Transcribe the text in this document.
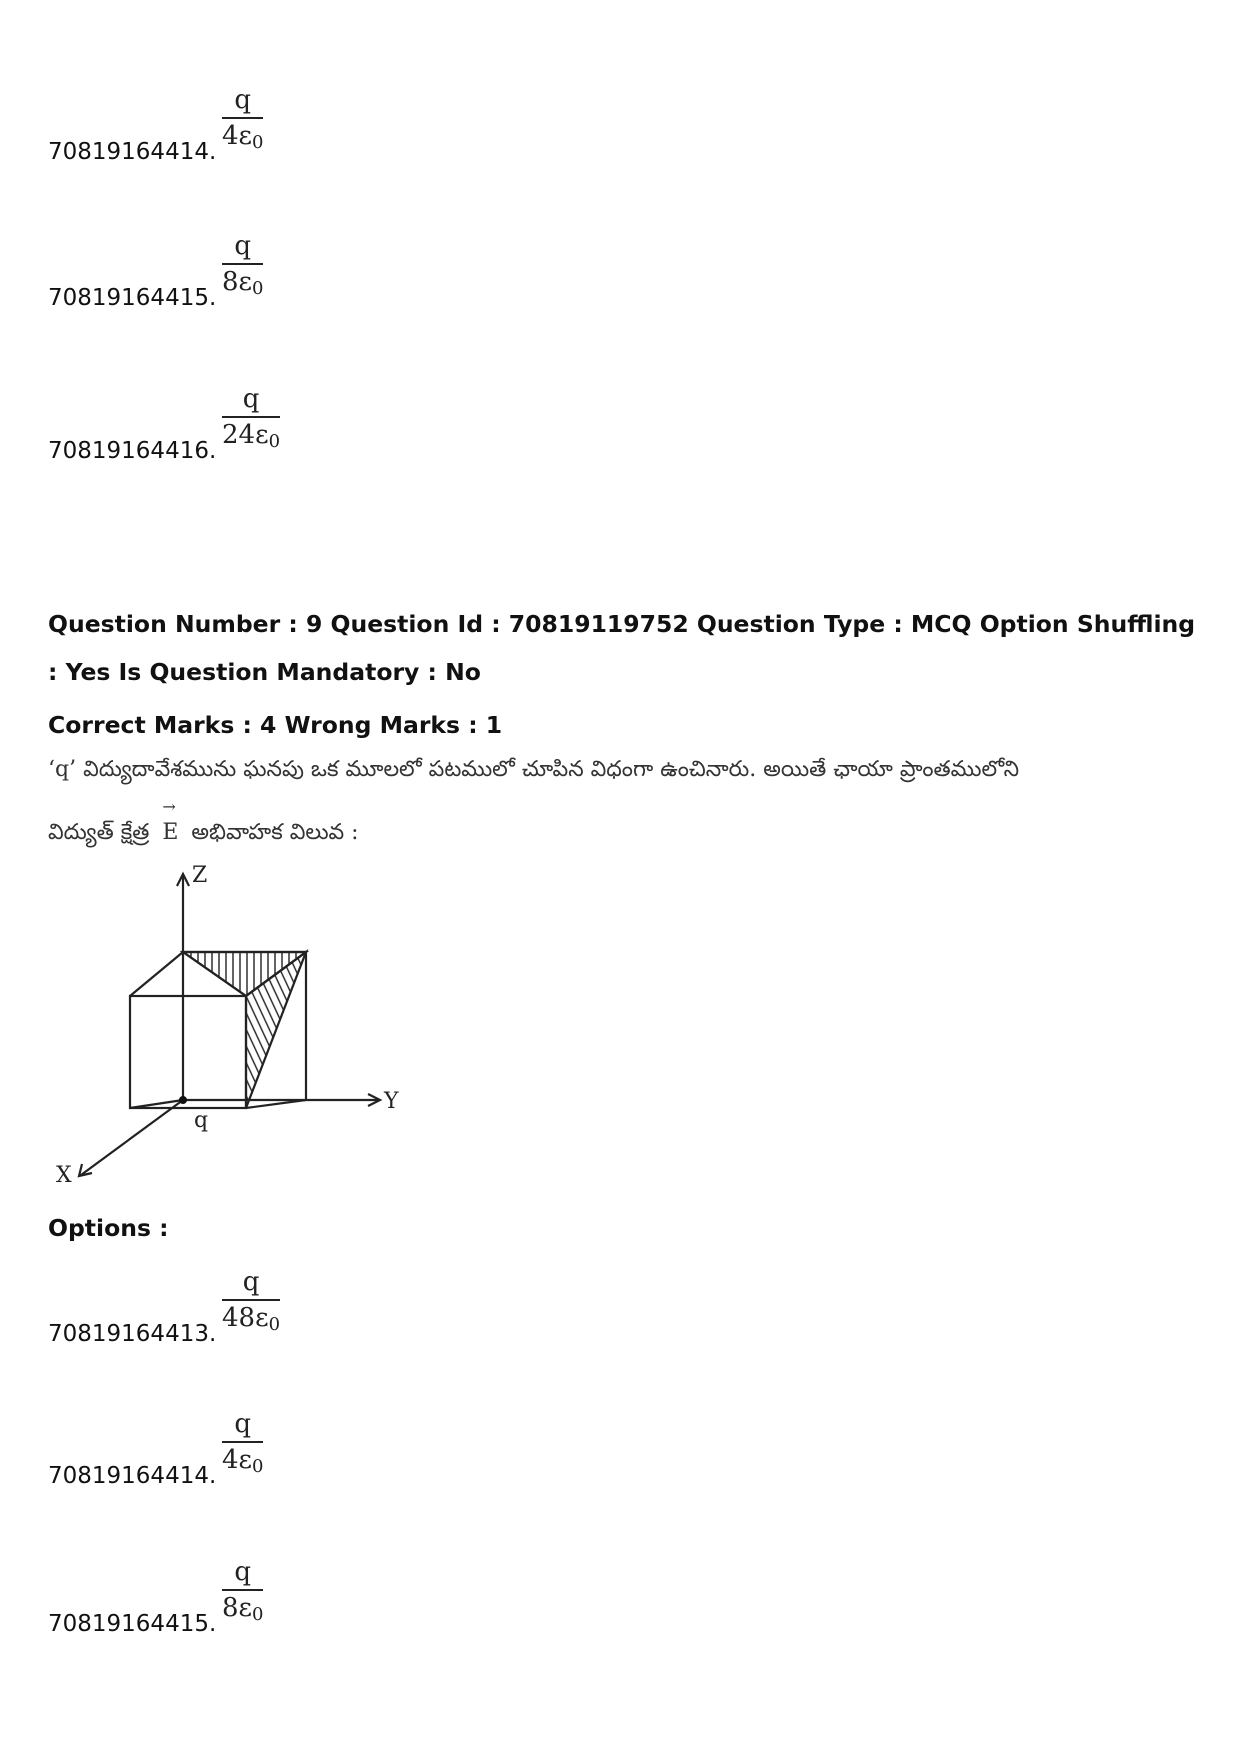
70819164414.
q
$4\varepsilon_0$
70819164415.
q
$8\varepsilon_0$
70819164416.
q
$24\varepsilon_0$
Question Number : 9 Question Id : 70819119752 Question Type : MCQ Option Shuffling : Yes Is Question Mandatory : No
Correct Marks : 4 Wrong Marks : 1
‘q’ విద్యుదావేశమును ఘనపు ఒక మూలలో పటములో చూపిన విధంగా ఉంచినారు. అయితే ఛాయా ప్రాంతములోని
విద్యుత్ క్షేత్ర
→
E అభివాహక విలువ :
q
Z
Y
X
Options :
70819164413.
q
$48\varepsilon_0$
70819164414.
q
$4\varepsilon_0$
70819164415.
q
$8\varepsilon_0$
